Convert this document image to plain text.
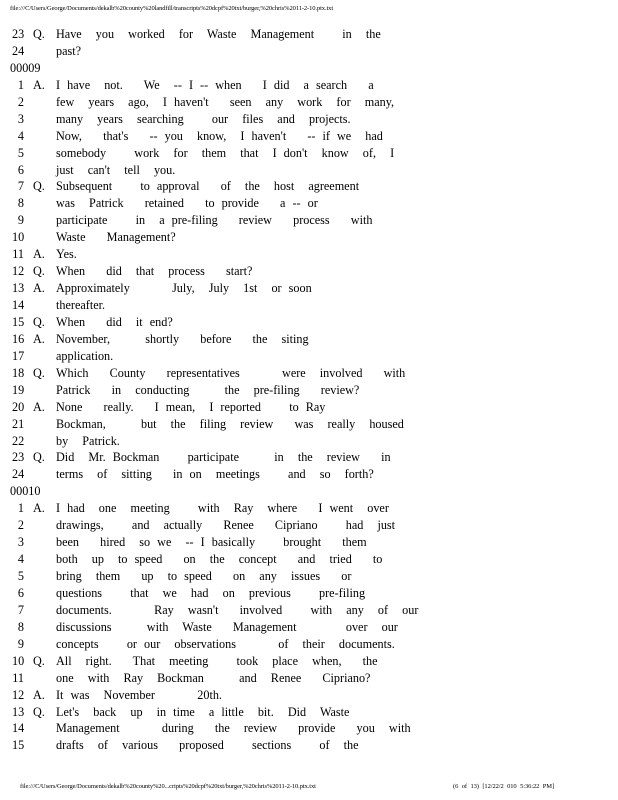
file:///C/Users/George/Documents/dekalb%20county%20landfill/transcripts%20dcpf%20txt/burger,%20chris%2011-2-10.ptx.txt
23 Q. Have  you  worked  for  Waste  Management    in  the
24	past?
00009
1 A. I have  not.   We  -- I -- when   I did  a search   a
2	few  years  ago,  I haven't   seen  any  work  for  many,
3	many  years  searching    our  files  and  projects.
4	Now,   that's   -- you  know,  I haven't   -- if we  had
5	somebody    work  for  them  that  I don't  know  of,  I
6	just  can't  tell  you.
7 Q. Subsequent    to approval   of  the  host  agreement
8	was  Patrick   retained   to provide   a -- or
9	participate    in  a pre-filing   review   process   with
10	Waste   Management?
11 A. Yes.
12 Q. When   did  that  process   start?
13 A. Approximately      July,  July  1st  or soon
14	thereafter.
15 Q. When   did  it end?
16 A. November,     shortly   before   the  siting
17	application.
18 Q. Which   County   representatives      were  involved   with
19	Patrick   in  conducting     the  pre-filing   review?
20 A. None   really.   I mean,  I reported    to Ray
21	Bockman,     but  the  filing  review   was  really  housed
22	by  Patrick.
23 Q. Did  Mr. Bockman    participate     in  the  review   in
24	terms  of  sitting   in on  meetings    and  so  forth?
00010
1 A. I had  one  meeting    with  Ray  where   I went  over
2	drawings,    and  actually   Renee   Cipriano    had  just
3	been   hired  so we  -- I basically    brought   them
4	both  up  to speed   on  the  concept   and  tried   to
5	bring  them   up  to speed   on  any  issues   or
6	questions    that  we  had  on  previous    pre-filing
7	documents.      Ray  wasn't   involved    with  any  of  our
8	discussions     with  Waste   Management       over  our
9	concepts    or our  observations      of  their  documents.
10 Q. All  right.   That  meeting    took  place  when,   the
11	one  with  Ray  Bockman     and  Renee   Cipriano?
12 A. It was  November      20th.
13 Q. Let's  back  up  in time  a little  bit.  Did  Waste
14	Management      during   the  review   provide   you  with
15	drafts  of  various   proposed    sections    of  the
file:///C/Users/George/Documents/dekalb%20county%20...cripts%20dcpf%20txt/burger,%20chris%2011-2-10.ptx.txt	(6 of 13) [12/22/2 010 5:36:22 PM]
